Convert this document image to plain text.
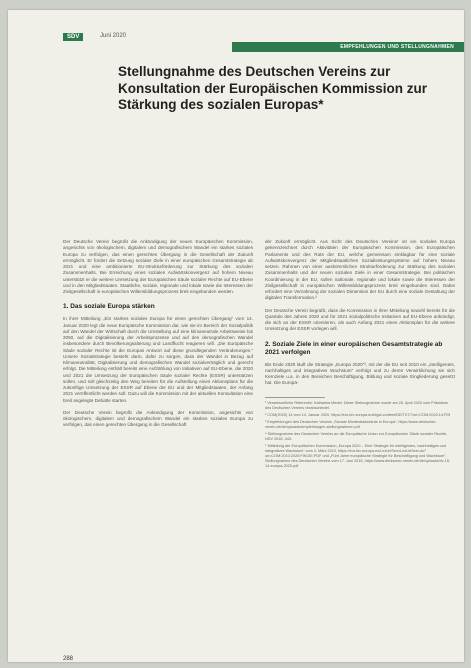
SDV	Juni 2020
EMPFEHLUNGEN UND STELLUNGNAHMEN
Stellungnahme des Deutschen Vereins zur Konsultation der Europäischen Kommission zur Stärkung des sozialen Europas*

Der Deutsche Verein begrüßt die Ankündigung der neuen Europäischen Kommission, angesichts von ökologischem, digitalem und demografischem Wandel ein starkes soziales Europa zu verfolgen, das einen gerechten Übergang in die Gesellschaft der Zukunft ermöglicht. Er fordert die Setzung sozialer Ziele in einer europäischen Gesamtstrategie ab 2021 und eine ambitionierte EU-Strukturförderung zur Stärkung des sozialen Zusammenhalts. Bei Erreichung eines sozialen Aufwärtskonvergenz auf hohem Niveau unterstützt er die weitere Umsetzung der Europäischen Säule sozialer Rechte auf EU-Ebene und in den Mitgliedstaaten. Staatliche, soziale, regionale und lokale sowie die Interessen der Zivilgesellschaft in europäischen Willensbildungsprozess breit eingebunden werden.

1. Das soziale Europa stärken

In ihrer Mitteilung „Ein starkes soziales Europa für einen gerechten Übergang“ vom 14. Januar 2020 legt die neue Europäische Kommission dar, wie sie im Bereich der Sozialpolitik auf den Wandel der Wirtschaft durch die Umstellung auf eine klimaneutrale Arbeitsweise bis 2050, auf die Digitalisierung der Arbeitsprozesse und auf den demografischen Wandel insbesondere durch Bevölkerungsalterung und Landflucht reagieren will. „Die Europäische Säule sozialer Rechte ist die Europas Antwort auf diese grundlegenden Veränderungen.“ Unsere Sozialstrategie besteht darin, dafür zu sorgen, dass der Wandel in Bezug auf Klimaneutralität, Digitalisierung und demografischen Wandel sozialverträglich und gerecht erfolgt. Die Mitteilung enthält bereits eine Aufzählung von Initiativen auf EU-Ebene, die 2020 und 2021 die Umsetzung der Europäischen Säule sozialer Rechte (ESSR) unterstützen sollen, und soll gleichzeitig den Weg bereiten für die Aufstellung eines Aktionsplans für die zukünftige Umsetzung der ESSR auf Ebene der EU und der Mitgliedstaaten, der Anfang 2021 veröffentlicht werden soll. Dazu will die Kommission mit der aktuellen Konsultation eine breit angelegte Debatte starten.

Der Deutsche Verein begrüßt die Ankündigung der Kommission, angesichts von ökologischem, digitalem und demografischem Wandel ein starkes soziales Europa zu verfolgen, das einen gerechten Übergang in die Gesellschaft

der Zukunft ermöglicht. Aus Sicht des Deutschen Vereins¹ ist ein soziales Europa gekennzeichnet durch Aktivitäten der Europäischen Kommission, des Europäischen Parlaments und des Rats der EU, welche gemeinsam einklagbar für eine soziale Aufwärtskonvergenz der Mitgliedstaatlichen Sozialleistungssysteme auf hohem Niveau setzen. Rahmen von einer auskömmlichen Strukturförderung zur Stärkung des sozialen Zusammenhalts und der neuen sozialen Ziele in einer Gesamtstrategie. Bei politischen Koordinierung in der EU, sollen nationale, regionale und lokale sowie die Interessen der Zivilgesellschaft in europäischen Willensbildungsprozess breit eingebunden sind. Dabei erfordert eine Verzahnung der sozialen Dimension der EU durch eine soziale Gestaltung der digitalen Transformation.²

Der Deutsche Verein begrüßt, dass die Kommission in ihrer Mitteilung sowohl bereits für die Quartale des Jahres 2020 und für 2021 sozialpolitische Initiativen auf EU-Ebene ankündigt, die sich an der ESSR orientieren, als auch Anfang 2021 einen Aktionsplan für die weitere Umsetzung der ESSR vorlegen will.

2. Soziale Ziele in einer europäischen Gesamtstrategie ab 2021 verfolgen

Bis Ende 2020 läuft die Strategie „Europa 2020“³, mit der die EU seit 2010 ein „intelligentes, nachhaltiges und integratives Wachstum“ verfolgt und zu deren Verwirklichung sie sich Kernziele u.a. in den Bereichen Beschäftigung, Bildung und soziale Eingliederung gesetzt hat. Die Europä-

¹ Verantwortliche Referentin: Katharina Meder. Diese Stellungnahme wurde am 26. April 2020 vom Präsidium des Deutschen Vereins verabschiedet.

² COM(2020) 14 vom 14. Januar 2020, https://eur-lex.europa.eu/legal-content/DE/TXT/?uri=COM:2020:14:FIN

³ Empfehlungen des Deutschen Vereins „Soziale Mindeststandards in Europa“, https://www.deutscher-verein.de/de/uploads/empfehlungen-stellungnahmen.pdf

⁴ Stellungnahme des Deutschen Vereins an die Europäische Union zur Europäischen Säule sozialer Rechte, NDV 2018, 443.

⁵ Mitteilung der Europäischen Kommission „Europa 2020 – Eine Strategie für intelligentes, nachhaltiges und integratives Wachstum“ vom 3. März 2010, https://eur-lex.europa.eu/LexUriServ/LexUriServ.do?uri=COM:2010:2020:FIN:DE:PDF und „Fünf Jahre europäische Strategie für Beschäftigung und Wachstum“, Stellungnahme des Deutschen Vereins vom 17. Juni 2015, https://www.deutscher-verein.de/de/uploads/dv-15-14-europa-2020.pdf

288
